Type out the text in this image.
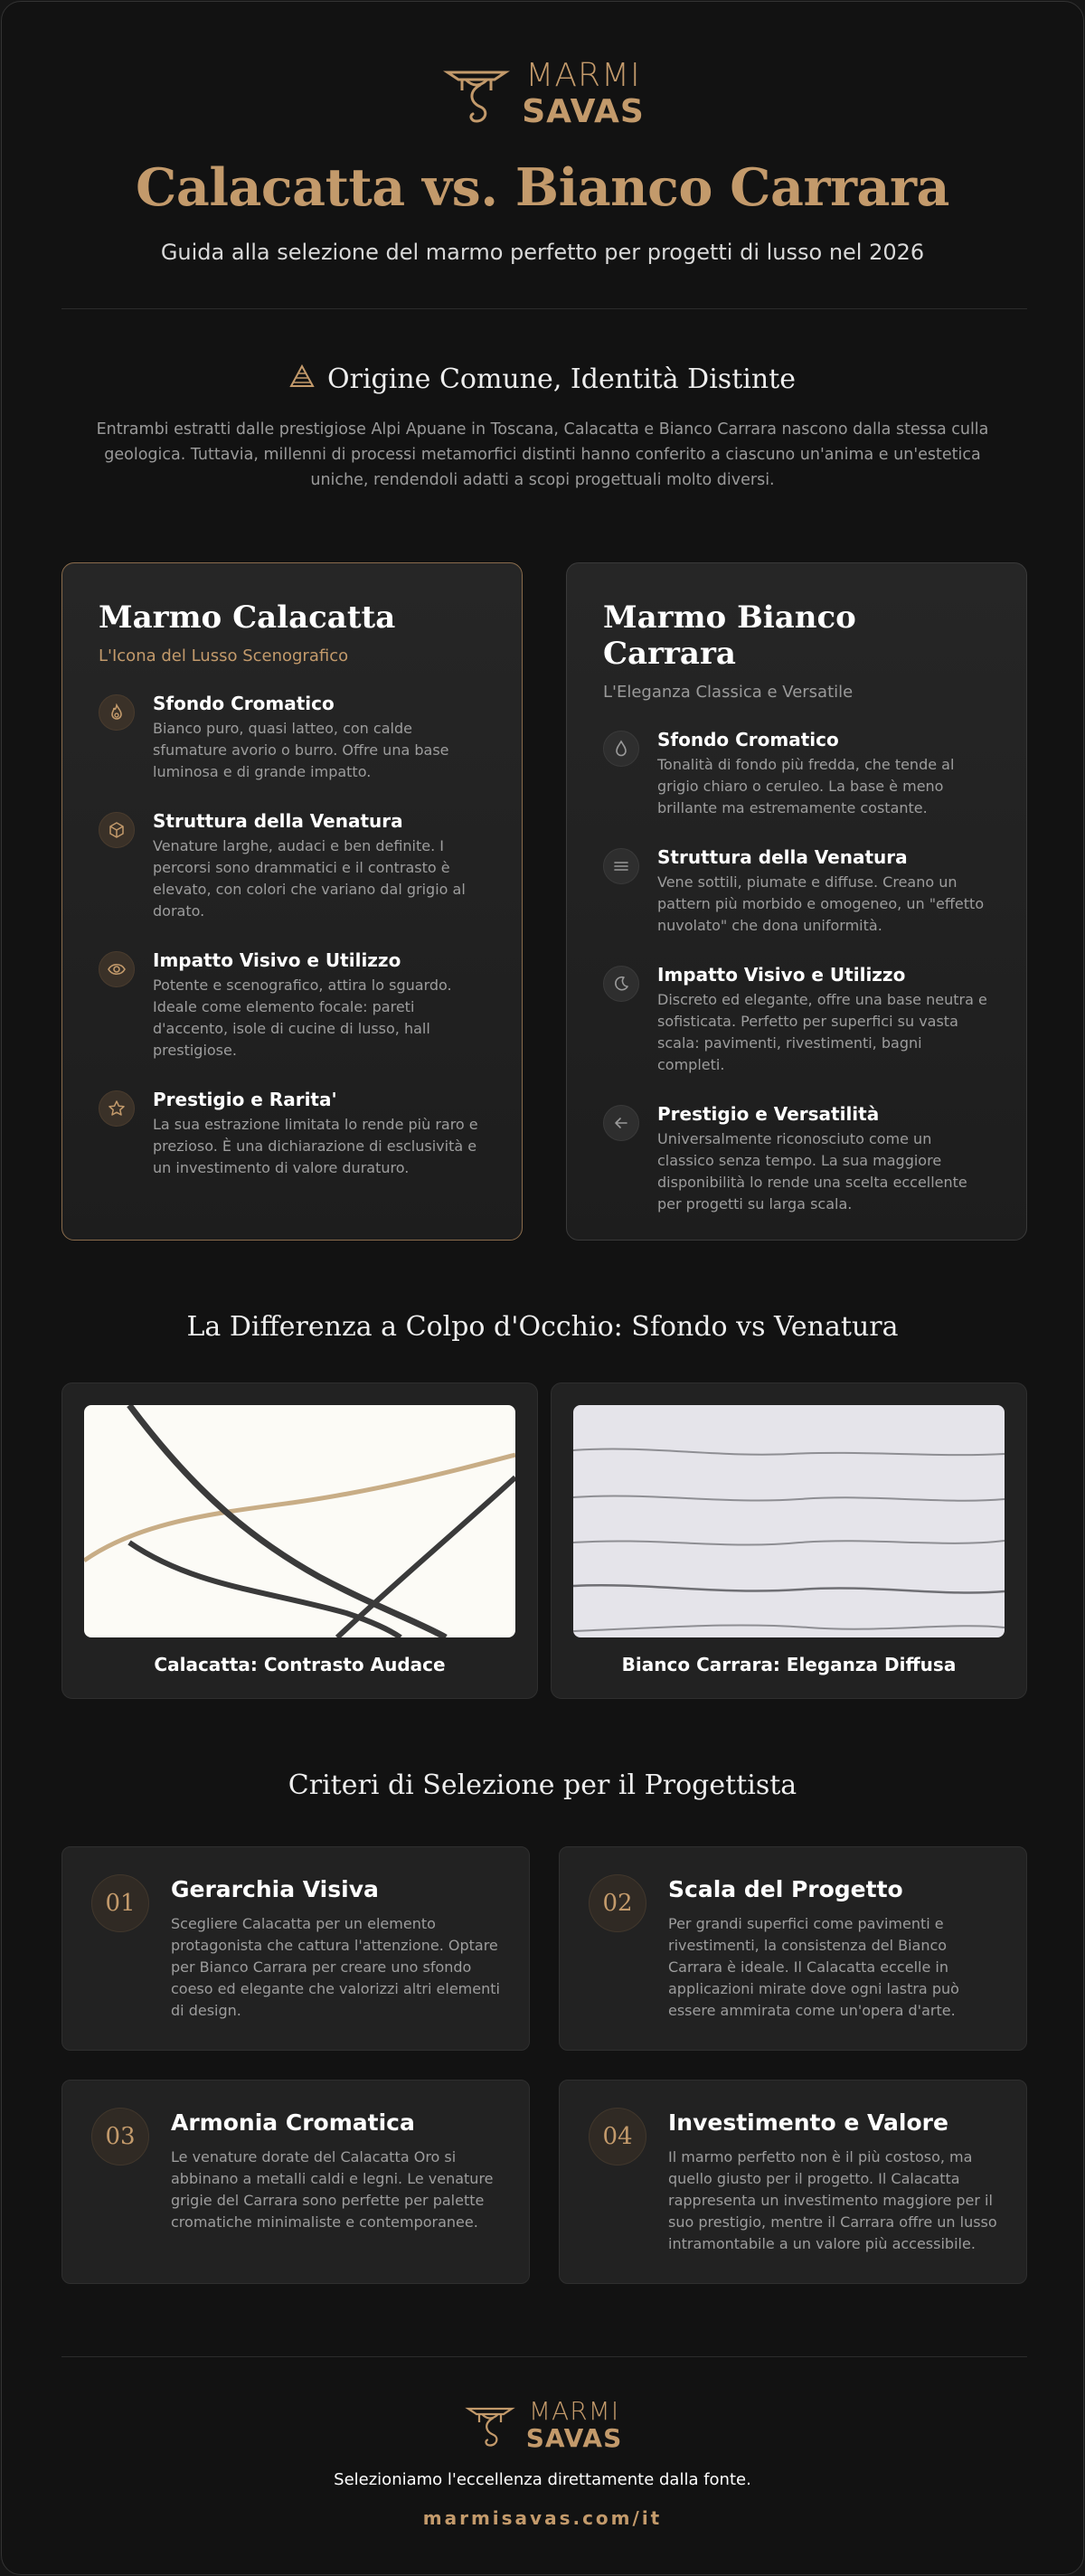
MARMI
SAVAS
Calacatta vs. Bianco Carrara
Guida alla selezione del marmo perfetto per progetti di lusso nel 2026
Origine Comune, Identità Distinte

Entrambi estratti dalle prestigiose Alpi Apuane in Toscana, Calacatta e Bianco Carrara nascono dalla stessa culla geologica. Tuttavia, millenni di processi metamorfici distinti hanno conferito a ciascuno un'anima e un'estetica uniche, rendendoli adatti a scopi progettuali molto diversi.

Marmo Calacatta
L'Icona del Lusso Scenografico
Sfondo Cromatico

Bianco puro, quasi latteo, con calde sfumature avorio o burro. Offre una base luminosa e di grande impatto.

Struttura della Venatura

Venature larghe, audaci e ben definite. I percorsi sono drammatici e il contrasto è elevato, con colori che variano dal grigio al dorato.

Impatto Visivo e Utilizzo

Potente e scenografico, attira lo sguardo. Ideale come elemento focale: pareti d'accento, isole di cucine di lusso, hall prestigiose.

Prestigio e Rarita'

La sua estrazione limitata lo rende più raro e prezioso. È una dichiarazione di esclusività e un investimento di valore duraturo.

Marmo Bianco Carrara
L'Eleganza Classica e Versatile
Sfondo Cromatico

Tonalità di fondo più fredda, che tende al grigio chiaro o ceruleo. La base è meno brillante ma estremamente costante.

Struttura della Venatura

Vene sottili, piumate e diffuse. Creano un pattern più morbido e omogeneo, un "effetto nuvolato" che dona uniformità.

Impatto Visivo e Utilizzo

Discreto ed elegante, offre una base neutra e sofisticata. Perfetto per superfici su vasta scala: pavimenti, rivestimenti, bagni completi.

Prestigio e Versatilità

Universalmente riconosciuto come un classico senza tempo. La sua maggiore disponibilità lo rende una scelta eccellente per progetti su larga scala.

La Differenza a Colpo d'Occhio: Sfondo vs Venatura
Calacatta: Contrasto Audace	Bianco Carrara: Eleganza Diffusa
Criteri di Selezione per il Progettista
01
Gerarchia Visiva

Scegliere Calacatta per un elemento protagonista che cattura l'attenzione. Optare per Bianco Carrara per creare uno sfondo coeso ed elegante che valorizzi altri elementi di design.

02
Scala del Progetto

Per grandi superfici come pavimenti e rivestimenti, la consistenza del Bianco Carrara è ideale. Il Calacatta eccelle in applicazioni mirate dove ogni lastra può essere ammirata come un'opera d'arte.

03
Armonia Cromatica

Le venature dorate del Calacatta Oro si abbinano a metalli caldi e legni. Le venature grigie del Carrara sono perfette per palette cromatiche minimaliste e contemporanee.

04
Investimento e Valore

Il marmo perfetto non è il più costoso, ma quello giusto per il progetto. Il Calacatta rappresenta un investimento maggiore per il suo prestigio, mentre il Carrara offre un lusso intramontabile a un valore più accessibile.

MARMI
SAVAS
Selezioniamo l'eccellenza direttamente dalla fonte.
marmisavas.com/it
